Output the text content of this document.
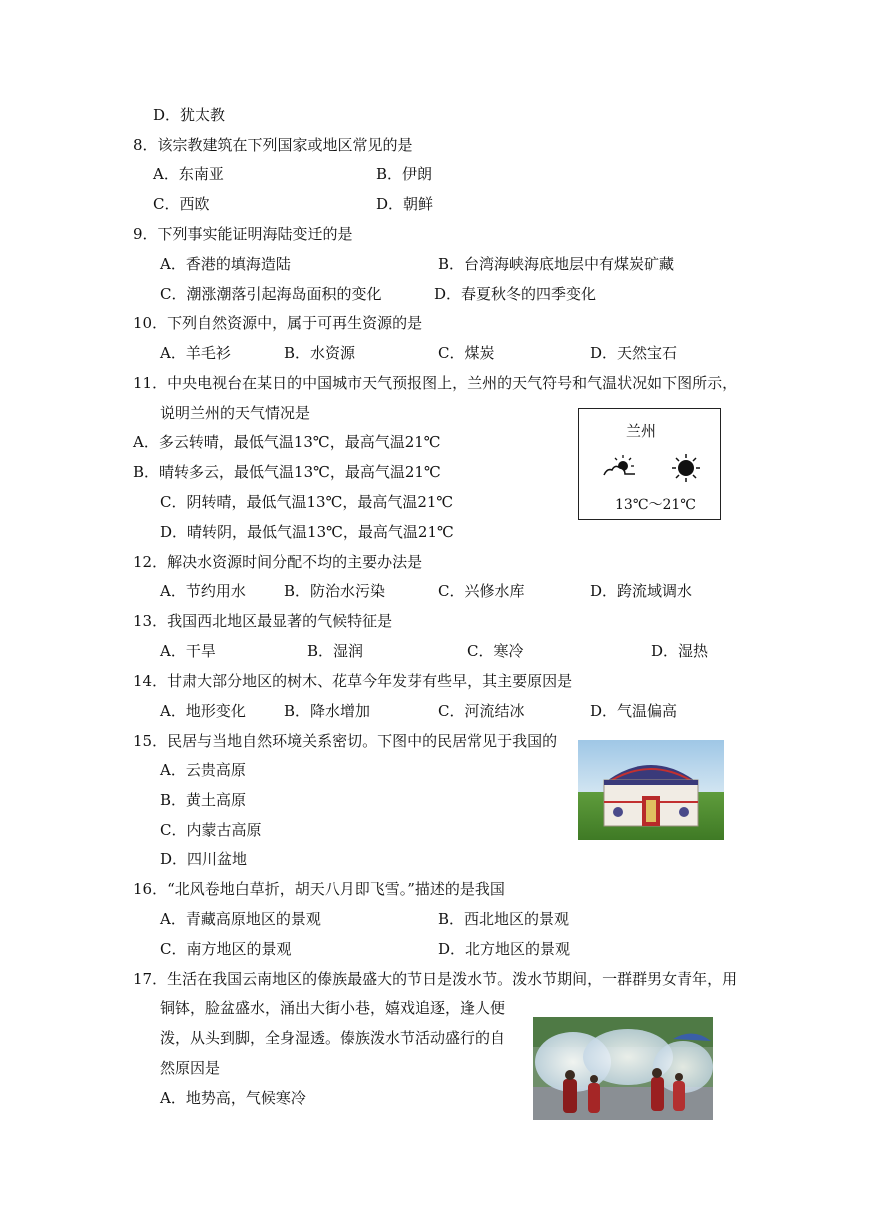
D．犹太教
8．该宗教建筑在下列国家或地区常见的是
A．东南亚	B．伊朗
C．西欧	D．朝鲜
9．下列事实能证明海陆变迁的是
A．香港的填海造陆	B．台湾海峡海底地层中有煤炭矿藏
C．潮涨潮落引起海岛面积的变化	D．春夏秋冬的四季变化
10．下列自然资源中，属于可再生资源的是
A．羊毛衫	B．水资源	C．煤炭	D．天然宝石
11．中央电视台在某日的中国城市天气预报图上，兰州的天气符号和气温状况如下图所示，
说明兰州的天气情况是
A．多云转晴，最低气温13℃，最高气温21℃
B．晴转多云，最低气温13℃，最高气温21℃
C．阴转晴，最低气温13℃，最高气温21℃
D．晴转阴，最低气温13℃，最高气温21℃
兰州
13℃～21℃
12．解决水资源时间分配不均的主要办法是
A．节约用水	B．防治水污染	C．兴修水库	D．跨流域调水
13．我国西北地区最显著的气候特征是
A．干旱	B．湿润	C．寒冷	D．湿热
14．甘肃大部分地区的树木、花草今年发芽有些早，其主要原因是
A．地形变化	B．降水增加	C．河流结冰	D．气温偏高
15．民居与当地自然环境关系密切。下图中的民居常见于我国的
A．云贵高原
B．黄土高原
C．内蒙古高原
D．四川盆地
16．“北风卷地白草折，胡天八月即飞雪。”描述的是我国
A．青藏高原地区的景观	B．西北地区的景观
C．南方地区的景观	D．北方地区的景观
17．生活在我国云南地区的傣族最盛大的节日是泼水节。泼水节期间，一群群男女青年，用
铜钵，脸盆盛水，涌出大街小巷，嬉戏追逐，逢人便
泼，从头到脚，全身湿透。傣族泼水节活动盛行的自
然原因是
A．地势高，气候寒冷
